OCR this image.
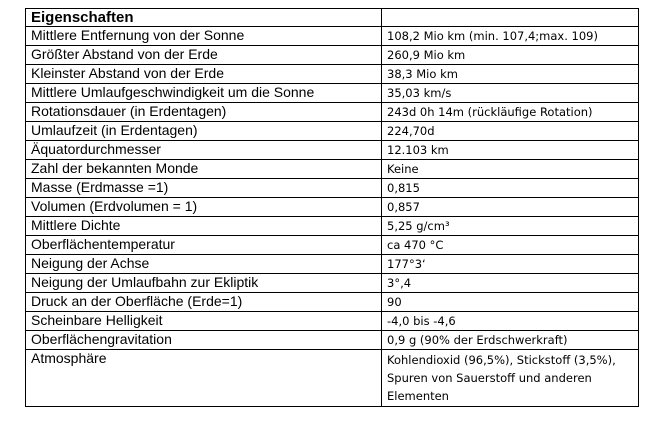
Eigenschaften	
Mittlere Entfernung von der Sonne	108,2 Mio km (min. 107,4;max. 109)
Größter Abstand von der Erde	260,9 Mio km
Kleinster Abstand von der Erde	38,3 Mio km
Mittlere Umlaufgeschwindigkeit um die Sonne	35,03 km/s
Rotationsdauer (in Erdentagen)	243d 0h 14m (rückläufige Rotation)
Umlaufzeit (in Erdentagen)	224,70d
Äquatordurchmesser	12.103 km
Zahl der bekannten Monde	Keine
Masse (Erdmasse =1)	0,815
Volumen (Erdvolumen = 1)	0,857
Mittlere Dichte	5,25 g/cm³
Oberflächentemperatur	ca 470 °C
Neigung der Achse	177°3‘
Neigung der Umlaufbahn zur Ekliptik	3°,4
Druck an der Oberfläche (Erde=1)	90
Scheinbare Helligkeit	-4,0 bis -4,6
Oberflächengravitation	0,9 g (90% der Erdschwerkraft)
Atmosphäre	Kohlendioxid (96,5%), Stickstoff (3,5%), Spuren von Sauerstoff und anderen Elementen
